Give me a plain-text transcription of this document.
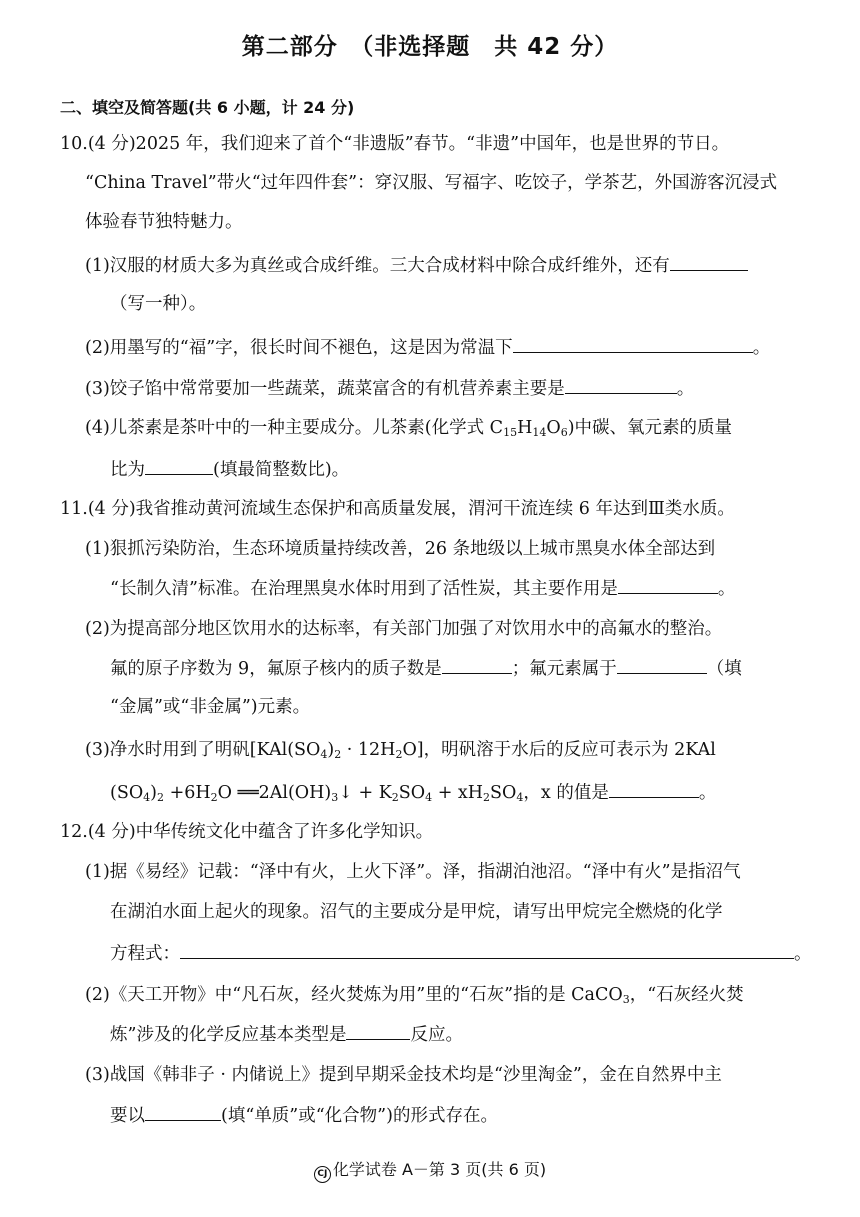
第二部分　（非选择题　共 42 分）
二、填空及简答题(共 6 小题，计 24 分)
10.(4 分)2025 年，我们迎来了首个“非遗版”春节。“非遗”中国年，也是世界的节日。
“China Travel”带火“过年四件套”：穿汉服、写福字、吃饺子，学茶艺，外国游客沉浸式
体验春节独特魅力。
(1)汉服的材质大多为真丝或合成纤维。三大合成材料中除合成纤维外，还有
（写一种）。
(2)用墨写的“福”字，很长时间不褪色，这是因为常温下	。
(3)饺子馅中常常要加一些蔬菜，蔬菜富含的有机营养素主要是	。
(4)儿茶素是茶叶中的一种主要成分。儿茶素(化学式 $C_{15}H_{14}O_6$)中碳、氧元素的质量
比为	(填最简整数比)。
11.(4 分)我省推动黄河流域生态保护和高质量发展，渭河干流连续 6 年达到Ⅲ类水质。
(1)狠抓污染防治，生态环境质量持续改善，26 条地级以上城市黑臭水体全部达到
“长制久清”标准。在治理黑臭水体时用到了活性炭，其主要作用是	。
(2)为提高部分地区饮用水的达标率，有关部门加强了对饮用水中的高氟水的整治。
氟的原子序数为 9，氟原子核内的质子数是	；氟元素属于	（填
“金属”或“非金属”)元素。
(3)净水时用到了明矾$[KAl(SO_4)_2 \cdot 12H_2O]$，明矾溶于水后的反应可表示为 2KAl
$(SO_4)_2 +6H_2O$ $══2Al(OH)_3↓ + K_2SO_4 + xH_2SO_4$，x 的值是	。
12.(4 分)中华传统文化中蕴含了许多化学知识。
(1)据《易经》记载：“泽中有火，上火下泽”。泽，指湖泊池沼。“泽中有火”是指沼气
在湖泊水面上起火的现象。沼气的主要成分是甲烷，请写出甲烷完全燃烧的化学
方程式：	。
(2)《天工开物》中“凡石灰，经火焚炼为用”里的“石灰”指的是 CaCO$_3$，“石灰经火焚
炼”涉及的化学反应基本类型是	反应。
(3)战国《韩非子 · 内储说上》提到早期采金技术均是“沙里淘金”，金在自然界中主
要以	(填“单质”或“化合物”)的形式存在。
CJ 化学试卷 A－第 3 页(共 6 页)
